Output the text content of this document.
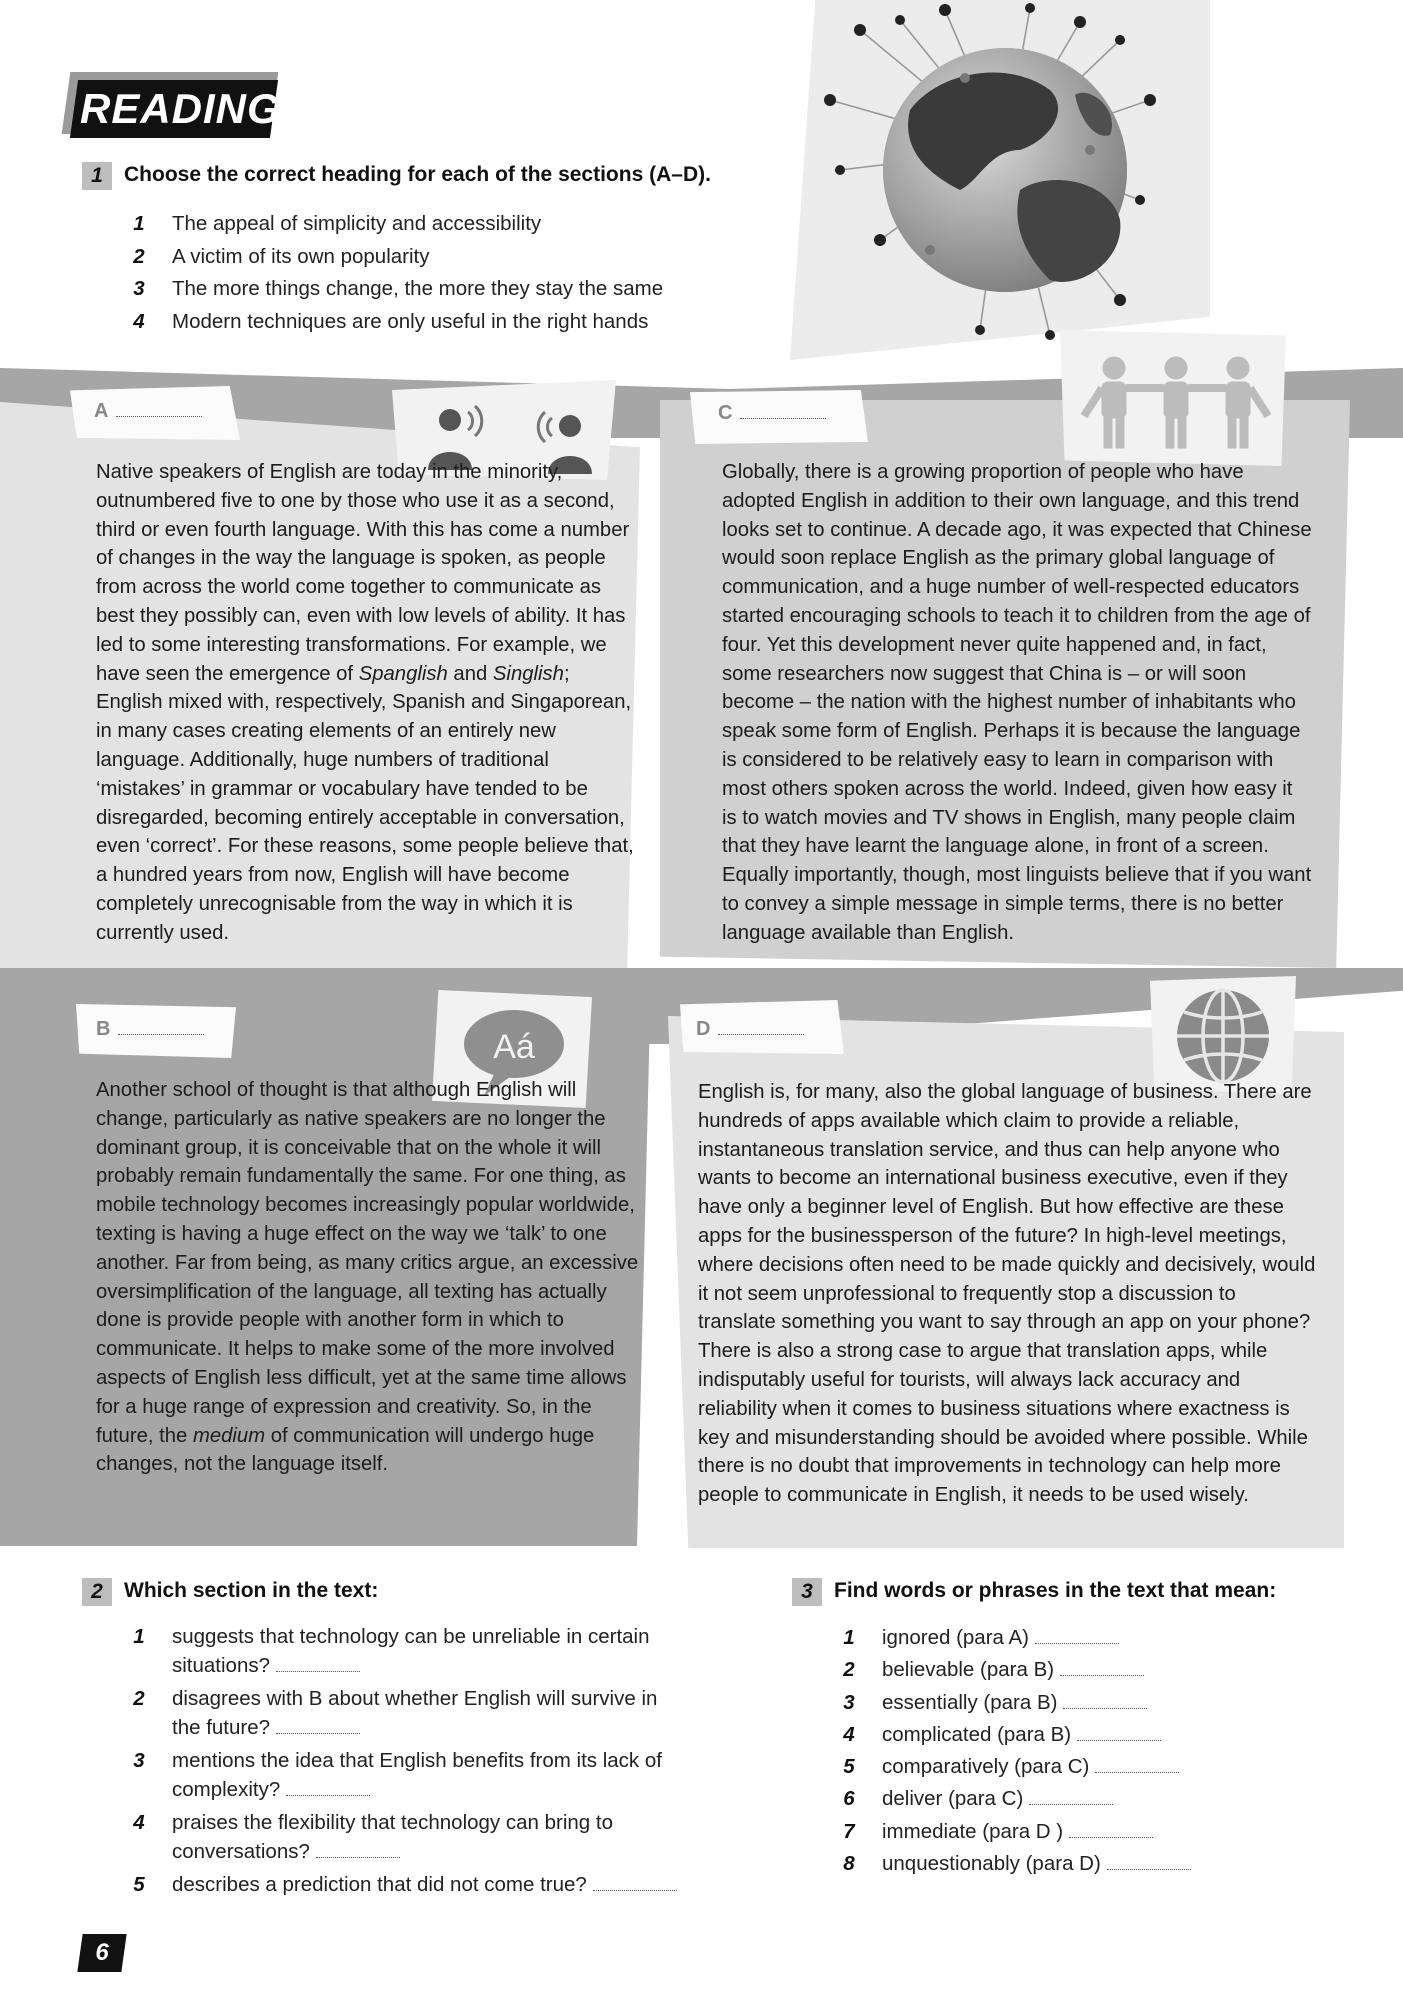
READING
1	Choose the correct heading for each of the sections (A–D).
1	The appeal of simplicity and accessibility
2	A victim of its own popularity
3	The more things change, the more they stay the same
4	Modern techniques are only useful in the right hands
A

Native speakers of English are today in the minority, outnumbered five to one by those who use it as a second, third or even fourth language. With this has come a number of changes in the way the language is spoken, as people from across the world come together to communicate as best they possibly can, even with low levels of ability. It has led to some interesting transformations. For example, we have seen the emergence of Spanglish and Singlish; English mixed with, respectively, Spanish and Singaporean, in many cases creating elements of an entirely new language. Additionally, huge numbers of traditional ‘mistakes’ in grammar or vocabulary have tended to be disregarded, becoming entirely acceptable in conversation, even ‘correct’. For these reasons, some people believe that, a hundred years from now, English will have become completely unrecognisable from the way in which it is currently used.

C

Globally, there is a growing proportion of people who have adopted English in addition to their own language, and this trend looks set to continue. A decade ago, it was expected that Chinese would soon replace English as the primary global language of communication, and a huge number of well-respected educators started encouraging schools to teach it to children from the age of four. Yet this development never quite happened and, in fact, some researchers now suggest that China is – or will soon become – the nation with the highest number of inhabitants who speak some form of English. Perhaps it is because the language is considered to be relatively easy to learn in comparison with most others spoken across the world. Indeed, given how easy it is to watch movies and TV shows in English, many people claim that they have learnt the language alone, in front of a screen. Equally importantly, though, most linguists believe that if you want to convey a simple message in simple terms, there is no better language available than English.

B	Aá

Another school of thought is that although English will change, particularly as native speakers are no longer the dominant group, it is conceivable that on the whole it will probably remain fundamentally the same. For one thing, as mobile technology becomes increasingly popular worldwide, texting is having a huge effect on the way we ‘talk’ to one another. Far from being, as many critics argue, an excessive oversimplification of the language, all texting has actually done is provide people with another form in which to communicate. It helps to make some of the more involved aspects of English less difficult, yet at the same time allows for a huge range of expression and creativity. So, in the future, the medium of communication will undergo huge changes, not the language itself.

D

English is, for many, also the global language of business. There are hundreds of apps available which claim to provide a reliable, instantaneous translation service, and thus can help anyone who wants to become an international business executive, even if they have only a beginner level of English. But how effective are these apps for the businessperson of the future? In high-level meetings, where decisions often need to be made quickly and decisively, would it not seem unprofessional to frequently stop a discussion to translate something you want to say through an app on your phone? There is also a strong case to argue that translation apps, while indisputably useful for tourists, will always lack accuracy and reliability when it comes to business situations where exactness is key and misunderstanding should be avoided where possible. While there is no doubt that improvements in technology can help more people to communicate in English, it needs to be used wisely.

2	Which section in the text:
1	suggests that technology can be unreliable in certain situations?
2	disagrees with B about whether English will survive in the future?
3	mentions the idea that English benefits from its lack of complexity?
4	praises the flexibility that technology can bring to conversations?
5	describes a prediction that did not come true?
3	Find words or phrases in the text that mean:
1	ignored (para A)
2	believable (para B)
3	essentially (para B)
4	complicated (para B)
5	comparatively (para C)
6	deliver (para C)
7	immediate (para D )
8	unquestionably (para D)
6
